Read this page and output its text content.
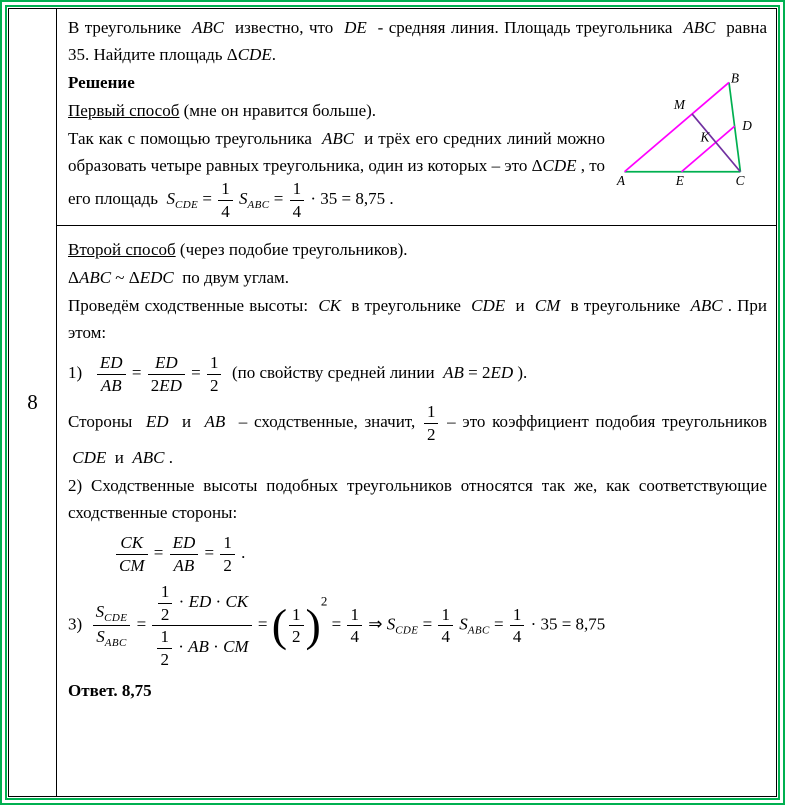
8

В треугольнике  ABC  известно, что  DE  - средняя линия. Площадь треугольника  ABC  равна 35. Найдите площадь ΔCDE.

A
B
C
E
D
M
K

Решение

Первый способ (мне он нравится больше).

Так как с помощью треугольника  ABC  и трёх его средних линий можно образовать четыре равных треугольника, один из которых – это ΔCDE , то его площадь  $S_{CDE} = \frac{1}{4} S_{ABC} = \frac{1}{4} \cdot 35 = 8,75$ .

Второй способ (через подобие треугольников).

ΔABC ~ ΔEDC  по двум углам.

Проведём сходственные высоты:  CK  в треугольнике  CDE  и  CM  в треугольнике  ABC . При этом:

$1) \frac{ED}{AB} = \frac{ED}{2ED} = \frac{1}{2} (по$ свойству средней линии  AB = 2ED ).

Стороны  ED  и  AB  – сходственные, значит, $\frac{1}{2}$ – это коэффициент подобия треугольников  CDE  и  ABC .

2) Сходственные высоты подобных треугольников относятся так же, как соответствующие сходственные стороны:

$\frac{CK}{CM} = \frac{ED}{AB} = \frac{1}{2}$ .

$3) \frac{S_{CDE}}{S_{ABC}} = \frac{\frac{1}{2} \cdot ED \cdot CK}{\frac{1}{2} \cdot AB \cdot CM}$ = ( $\frac{1}{2} )^2 = \frac{1}{4}$ ⇒ $S_{CDE} = \frac{1}{4} S_{ABC} = \frac{1}{4} \cdot 35 = 8,75$

Ответ. 8,75
